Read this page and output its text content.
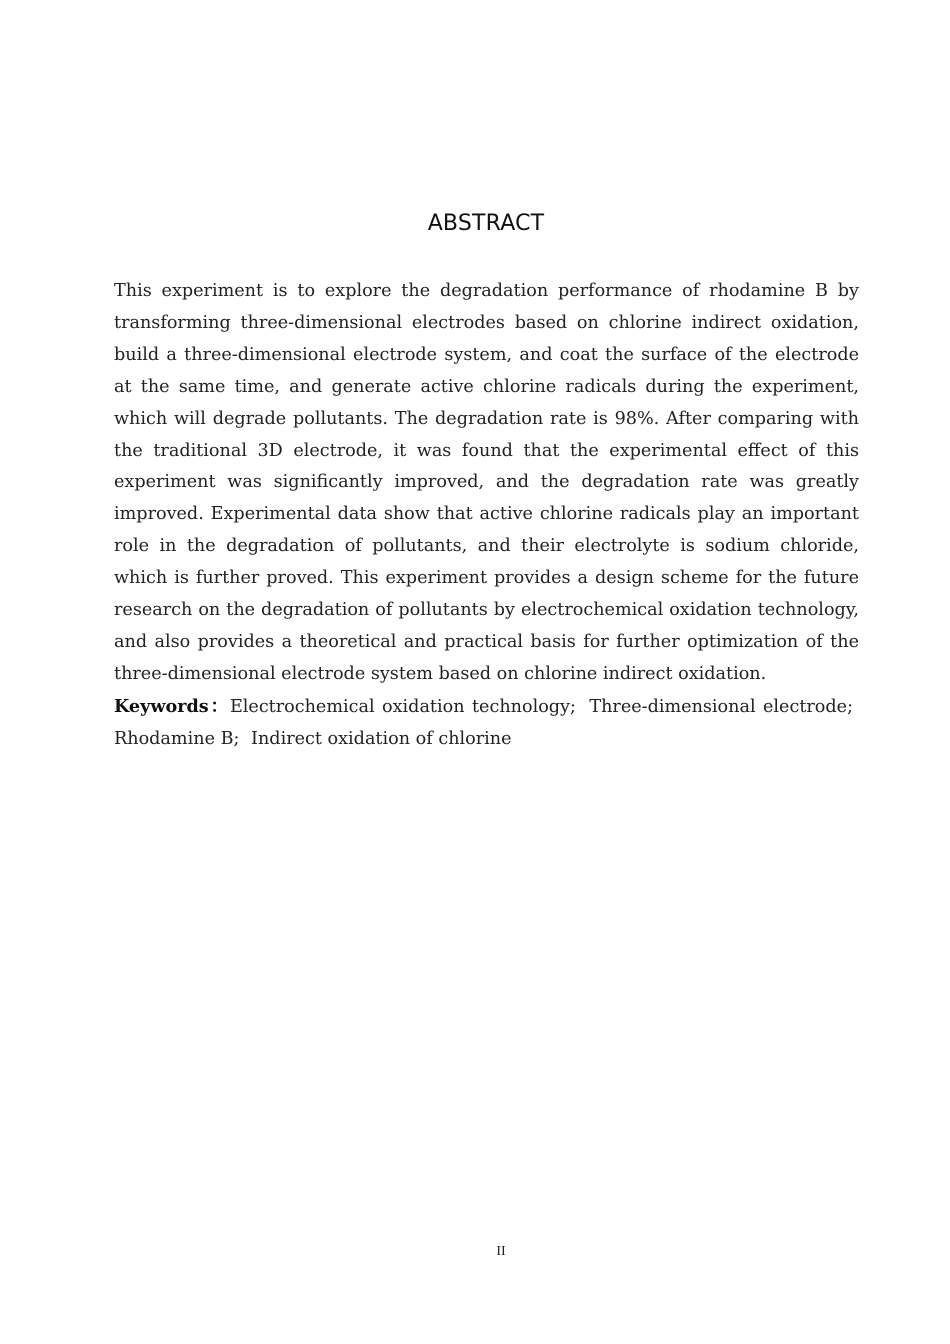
ABSTRACT

This experiment is to explore the degradation performance of rhodamine B by transforming three-dimensional electrodes based on chlorine indirect oxidation, build a three-dimensional electrode system, and coat the surface of the electrode at the same time, and generate active chlorine radicals during the experiment, which will degrade pollutants. The degradation rate is 98%. After comparing with the traditional 3D electrode, it was found that the experimental effect of this experiment was significantly improved, and the degradation rate was greatly improved. Experimental data show that active chlorine radicals play an important role in the degradation of pollutants, and their electrolyte is sodium chloride, which is further proved. This experiment provides a design scheme for the future research on the degradation of pollutants by electrochemical oxidation technology, and also provides a theoretical and practical basis for further optimization of the three-dimensional electrode system based on chlorine indirect oxidation.

Keywords：Electrochemical oxidation technology; Three-dimensional electrode; Rhodamine B; Indirect oxidation of chlorine

II
